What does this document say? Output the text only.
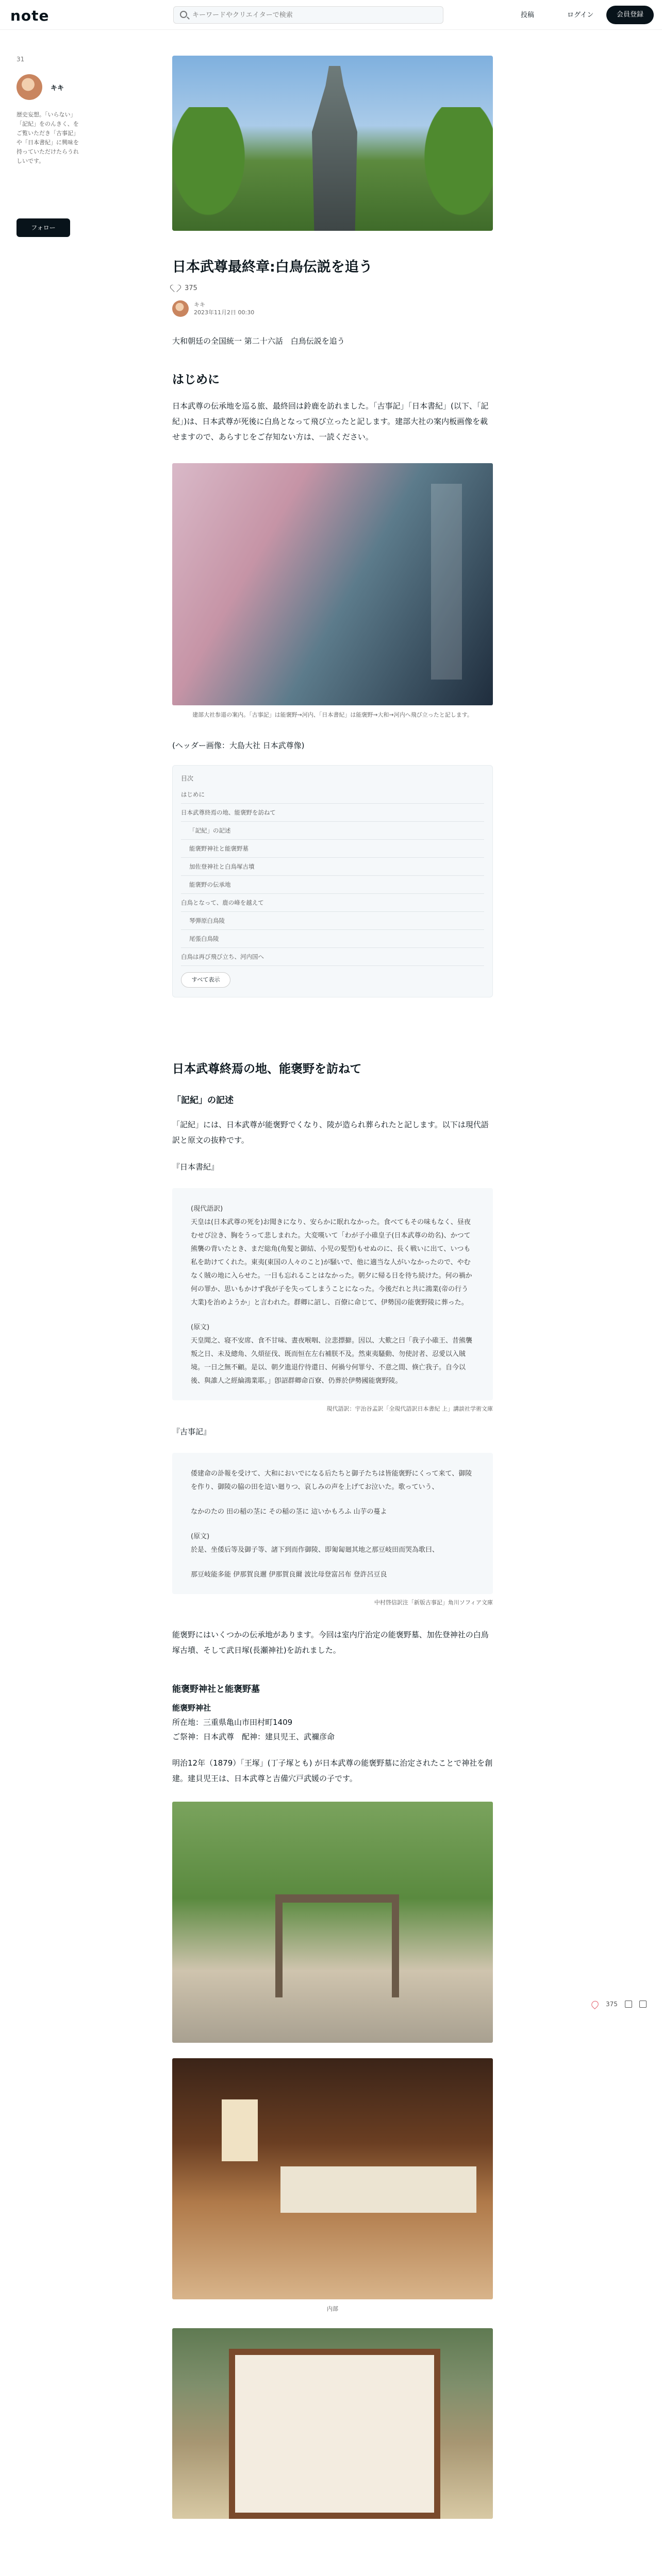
note
キーワードやクリエイターで検索	投稿	ログイン	会員登録
31
キキ
歴史妄想。「いらない」「記紀」をのんきく、をご覧いただき「古事記」や「日本書紀」に興味を持っていただけたらうれしいです。
フォロー
日本武尊最終章:白鳥伝説を追う
375
キキ
2023年11月2日 00:30
大和朝廷の全国統一 第二十六話　白鳥伝説を追う
はじめに

日本武尊の伝承地を巡る旅、最終回は鈴鹿を訪れました。「古事記」「日本書紀」(以下、「記紀」)は、日本武尊が死後に白鳥となって飛び立ったと記します。建部大社の案内板画像を載せますので、あらすじをご存知ない方は、一読ください。

建部大社参道の案内。「古事記」は能褒野→河内、「日本書紀」は能褒野→大和→河内へ飛び立ったと記します。
(ヘッダー画像：大島大社 日本武尊像)
目次
はじめに
日本武尊終焉の地、能褒野を訪ねて
「記紀」の記述
能褒野神社と能褒野墓
加佐登神社と白鳥塚古墳
能褒野の伝承地
白鳥となって、鹿の峰を越えて
琴弾原白鳥陵
尾張白鳥陵
白鳥は再び飛び立ち、河内国へ
すべて表示
日本武尊終焉の地、能褒野を訪ねて
「記紀」の記述

「記紀」には、日本武尊が能褒野でくなり、陵が造られ葬られたと記します。以下は現代語訳と原文の抜粋です。

『日本書紀』

(現代語訳)

天皇は(日本武尊の死を)お聞きになり、安らかに眠れなかった。食べてもその味もなく、昼夜むせび泣き、胸をうって悲しまれた。大変嘆いて「わが子小碓皇子(日本武尊の幼名)、かつて熊襲の背いたとき、まだ総角(角髪と御結、小児の髪型)もせぬのに、長く戦いに出て、いつも私を助けてくれた。東夷(東国の人々のこと)が騒いで、他に適当な人がいなかったので、やむなく賊の地に入らせた。一日も忘れることはなかった。朝夕に帰る日を待ち続けた。何の禍か何の罪か、思いもかけず我が子を失ってしまうことになった。今後だれと共に鴻業(帝の行う大業)を治めようか」と言われた。群卿に詔し、百僚に命じて、伊勢国の能褒野陵に葬った。

(原文)

天皇聞之、寝不安席、食不甘味、晝夜喉咽、泣悲摽擗。因以、大歎之曰「我子小碓王、昔熊襲叛之日、未及總角、久煩征伐、既而恒在左右補朕不及。然東夷騷動、勿使討者、忍愛以入賊境。一日之無不顧。是以、朝夕進退佇待還日、何禍兮何罪兮、不意之間、倏亡我子。自今以後、與誰人之經綸鴻業耶。」卽詔群卿命百寮、仍葬於伊勢國能褒野陵。

現代語訳：宇治谷孟訳「全現代語訳日本書紀 上」講談社学術文庫

『古事記』

倭建命の訃報を受けて、大和においでになる后たちと御子たちは皆能褒野にくって来て、御陵を作り、御陵の脇の田を這い廻りつ、哀しみの声を上げてお泣いた。歌っていう、

なかのたの 田の稲の茎に その稲の茎に 這いかもろふ 山芋の蔓よ

(原文)

於是、坐倭后等及御子等、諸下到而作御陵、即匍匐廻其地之那豆岐田而哭為歌曰、

那豆岐能多能 伊那賀良邇 伊那賀良爾 波比母登富呂布 登許呂豆良

中村啓信訳注「新版古事記」角川ソフィア文庫

能褒野にはいくつかの伝承地があります。今回は室内庁治定の能褒野墓、加佐登神社の白鳥塚古墳、そして武日塚(長瀬神社)を訪れました。

能褒野神社と能褒野墓
能褒野神社
所在地：三重県亀山市田村町1409
ご祭神：日本武尊　配神：建貝児王、武禰彦命

明治12年（1879）「王塚」(丁子塚とも) が日本武尊の能褒野墓に治定されたことで神社を創建。建貝児王は、日本武尊と吉備穴戸武媛の子です。

内部
375
